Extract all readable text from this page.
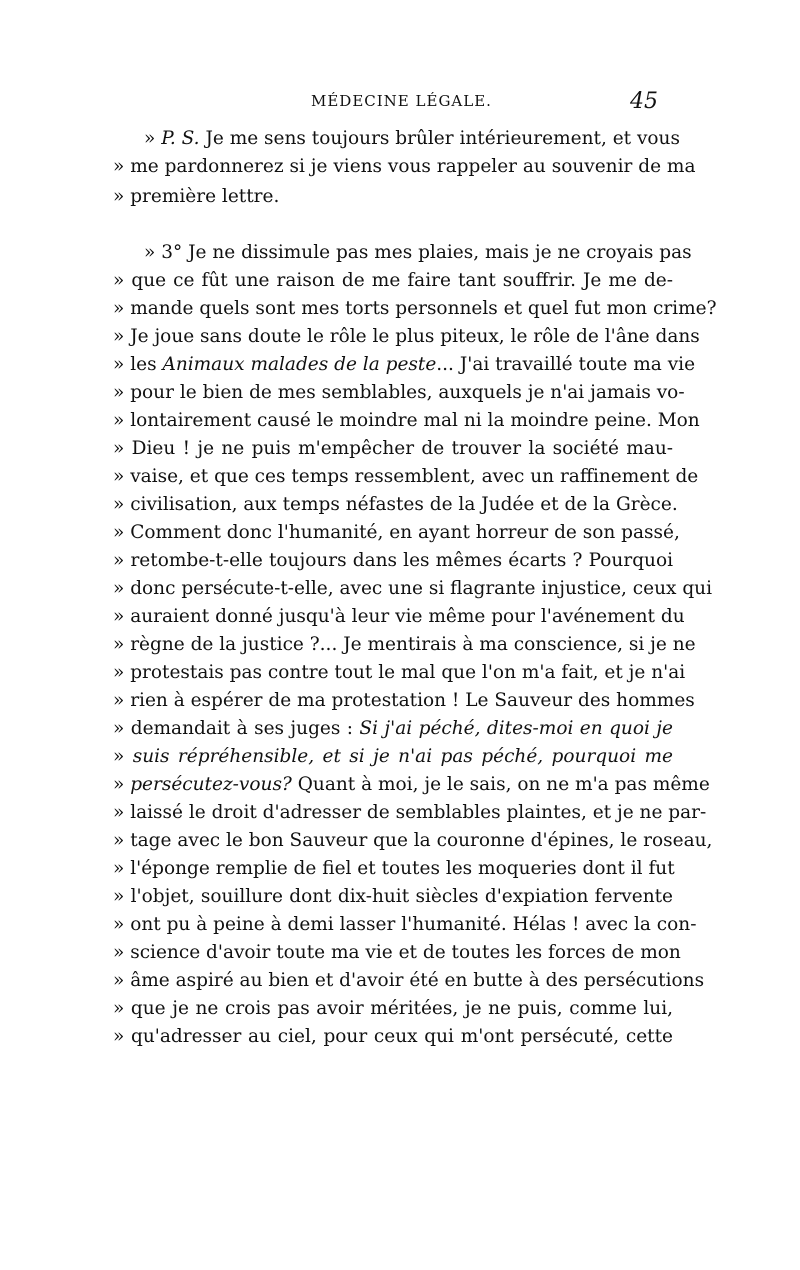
MÉDECINE LÉGALE.	45
» P. S. Je me sens toujours brûler intérieurement, et vous
» me pardonnerez si je viens vous rappeler au souvenir de ma
» première lettre.
» 3° Je ne dissimule pas mes plaies, mais je ne croyais pas
» que ce fût une raison de me faire tant souffrir. Je me de-
» mande quels sont mes torts personnels et quel fut mon crime?
» Je joue sans doute le rôle le plus piteux, le rôle de l'âne dans
» les Animaux malades de la peste... J'ai travaillé toute ma vie
» pour le bien de mes semblables, auxquels je n'ai jamais vo-
» lontairement causé le moindre mal ni la moindre peine. Mon
» Dieu ! je ne puis m'empêcher de trouver la société mau-
» vaise, et que ces temps ressemblent, avec un raffinement de
» civilisation, aux temps néfastes de la Judée et de la Grèce.
» Comment donc l'humanité, en ayant horreur de son passé,
» retombe-t-elle toujours dans les mêmes écarts ? Pourquoi
» donc persécute-t-elle, avec une si flagrante injustice, ceux qui
» auraient donné jusqu'à leur vie même pour l'avénement du
» règne de la justice ?... Je mentirais à ma conscience, si je ne
» protestais pas contre tout le mal que l'on m'a fait, et je n'ai
» rien à espérer de ma protestation ! Le Sauveur des hommes
» demandait à ses juges : Si j'ai péché, dites-moi en quoi je
» suis répréhensible, et si je n'ai pas péché, pourquoi me
» persécutez-vous? Quant à moi, je le sais, on ne m'a pas même
» laissé le droit d'adresser de semblables plaintes, et je ne par-
» tage avec le bon Sauveur que la couronne d'épines, le roseau,
» l'éponge remplie de fiel et toutes les moqueries dont il fut
» l'objet, souillure dont dix-huit siècles d'expiation fervente
» ont pu à peine à demi lasser l'humanité. Hélas ! avec la con-
» science d'avoir toute ma vie et de toutes les forces de mon
» âme aspiré au bien et d'avoir été en butte à des persécutions
» que je ne crois pas avoir méritées, je ne puis, comme lui,
» qu'adresser au ciel, pour ceux qui m'ont persécuté, cette
